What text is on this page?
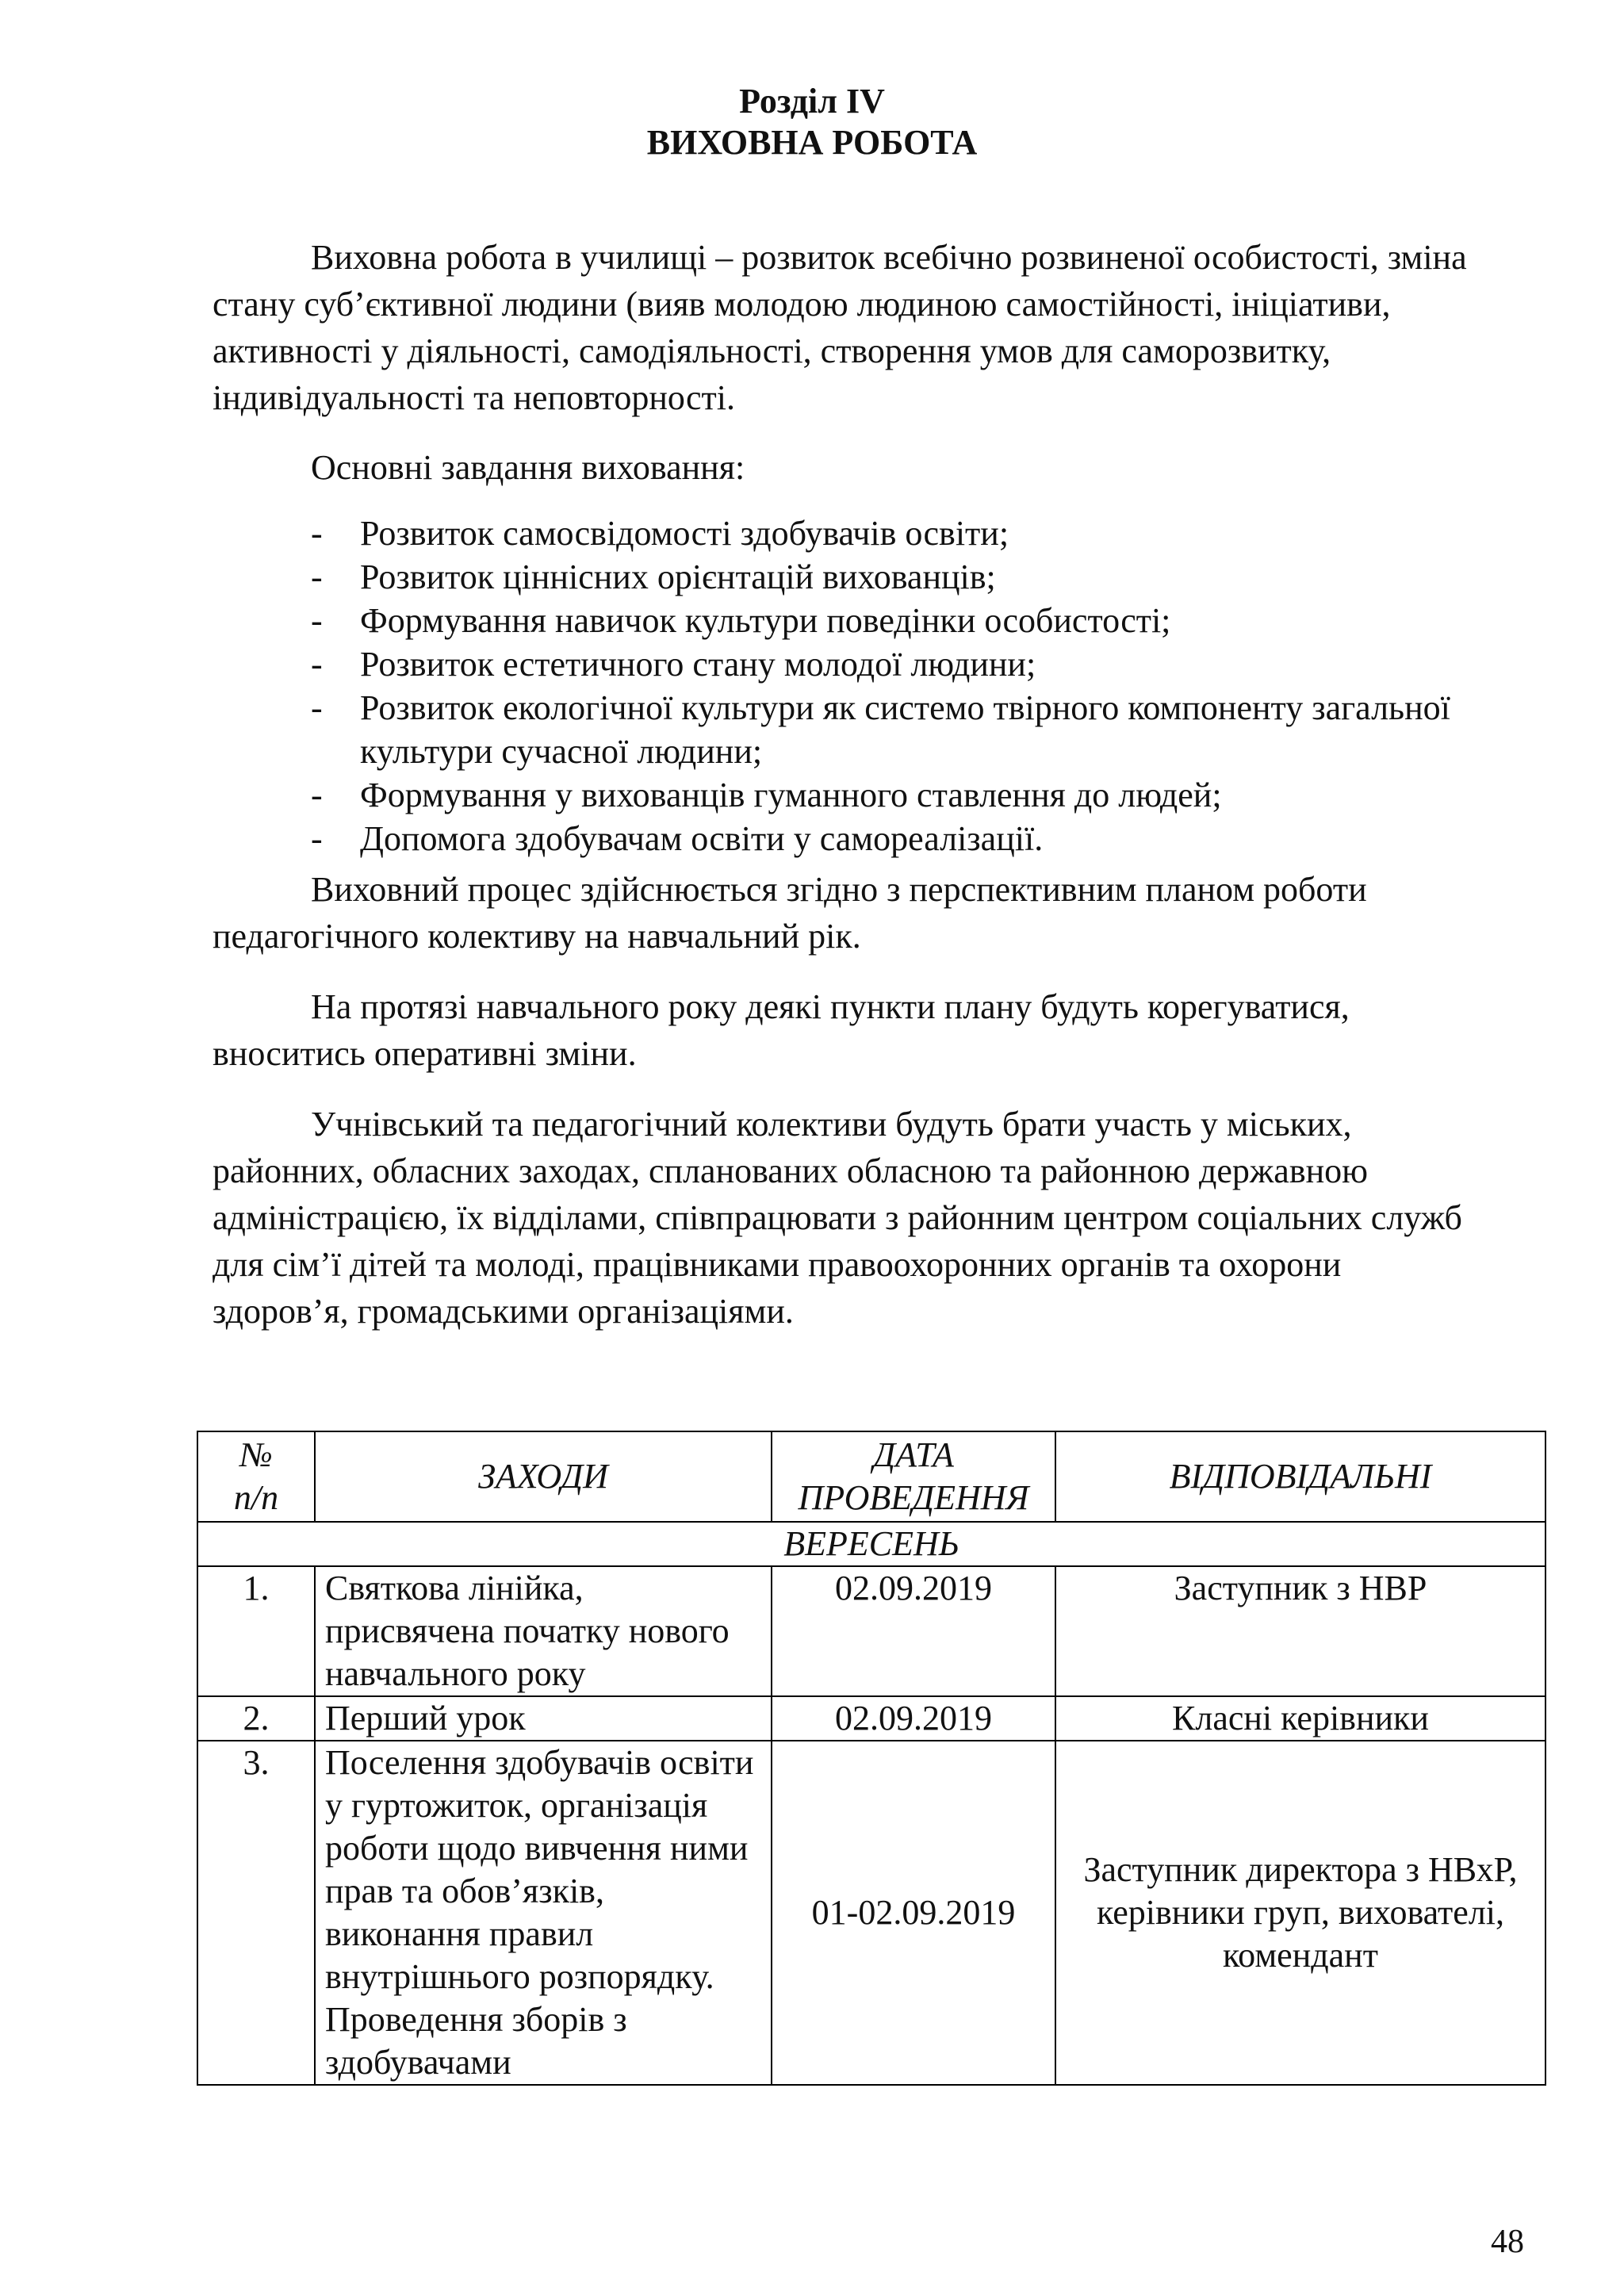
Розділ IV
ВИХОВНА РОБОТА

Виховна робота в училищі – розвиток всебічно розвиненої особистості, зміна стану суб’єктивної людини (вияв молодою людиною самостійності, ініціативи, активності у діяльності, самодіяльності, створення умов для саморозвитку, індивідуальності та неповторності.

Основні завдання виховання:

- Розвиток самосвідомості здобувачів освіти;
- Розвиток ціннісних орієнтацій вихованців;
- Формування навичок культури поведінки особистості;
- Розвиток естетичного стану молодої людини;
- Розвиток екологічної культури як системо твірного компоненту загальної культури сучасної людини;
- Формування у вихованців гуманного ставлення до людей;
- Допомога здобувачам освіти у самореалізації.

Виховний процес здійснюється згідно з перспективним планом роботи педагогічного колективу на навчальний рік.

На протязі навчального року деякі пункти плану будуть корегуватися, вноситись оперативні зміни.

Учнівський та педагогічний колективи будуть брати участь у міських, районних, обласних заходах, спланованих обласною та районною державною адміністрацією, їх відділами, співпрацювати з районним центром соціальних служб для сім’ї дітей та молоді, працівниками правоохоронних органів та охорони здоров’я, громадськими організаціями.

№ п/п	ЗАХОДИ	ДАТА ПРОВЕДЕННЯ	ВІДПОВІДАЛЬНІ
ВЕРЕСЕНЬ			
1.	Святкова лінійка, присвячена початку нового навчального року	02.09.2019	Заступник з НВР
2.	Перший урок	02.09.2019	Класні керівники
3.	Поселення здобувачів освіти у гуртожиток, організація роботи щодо вивчення ними прав та обов’язків, виконання правил внутрішнього розпорядку. Проведення зборів з здобувачами	01-02.09.2019	Заступник директора з НВхР, керівники груп, вихователі, комендант
48
